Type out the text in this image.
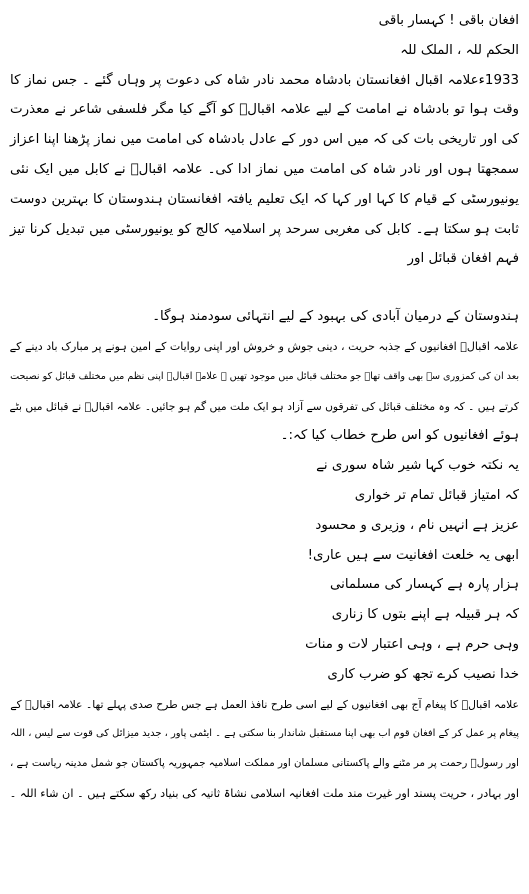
افغان باقی ! کہسار باقی
الحکم للہ ، الملک للہ
1933ءعلامہ اقبال افغانستان بادشاہ محمد نادر شاہ کی دعوت پر وہاں گئے ۔ جس نماز کا وقت ہوا تو بادشاہ نے امامت کے لیے علامہ اقبالؒ کو آگے کیا مگر فلسفی شاعر نے معذرت کی اور تاریخی بات کی کہ میں اس دور کے عادل بادشاہ کی امامت میں نماز پڑھنا اپنا اعزاز سمجھتا ہوں اور نادر شاہ کی امامت میں نماز ادا کی۔ علامہ اقبالؒ نے کابل میں ایک نئی یونیورسٹی کے قیام کا کہا اور کہا کہ ایک تعلیم یافتہ افغانستان ہندوستان کا بہترین دوست ثابت ہو سکتا ہے۔ کابل کی مغربی سرحد پر اسلامیہ کالج کو یونیورسٹی میں تبدیل کرنا تیز فہم افغان قبائل اور
ہندوستان کے درمیان آبادی کی بہبود کے لیے انتہائی سودمند ہوگا۔
علامہ اقبالؒ افغانیوں کے جذبہ حریت ، دینی جوش و خروش اور اپنی روایات کے امین ہونے پر مبارک باد دینے کے
بعد ان کی کمزوری سے بھی واقف تھا۔ جو مختلف قبائل میں موجود تھیں ۔ علامہ اقبالؒ اپنی نظم میں مختلف قبائل کو نصیحت
کرتے ہیں ۔ کہ وہ مختلف قبائل کی تفرقوں سے آزاد ہو ایک ملت میں گم ہو جائیں۔ علامہ اقبالؒ نے قبائل میں بٹے
ہوئے افغانیوں کو اس طرح خطاب کیا کہ:۔
یہ نکتہ خوب کہا شیر شاہ سوری نے
کہ امتیاز قبائل تمام تر خواری
عزیز ہے انہیں نام ، وزیری و محسود
ابھی یہ خلعت افغانیت سے ہیں عاری!
ہزار پارہ ہے کہسار کی مسلمانی
کہ ہر قبیلہ ہے اپنے بتوں کا زناری
وہی حرم ہے ، وہی اعتبار لات و منات
خدا نصیب کرے تجھ کو ضرب کاری
علامہ اقبالؒ کا پیغام آج بھی افغانیوں کے لیے اسی طرح نافذ العمل ہے جس طرح صدی پہلے تھا۔ علامہ اقبالؒ کے
پیغام پر عمل کر کے افغان قوم اب بھی اپنا مستقبل شاندار بنا سکتی ہے ۔ ایٹمی پاور ، جدید میزائل کی قوت سے لیس ، اللہ
اور رسولؐ رحمت پر مر مٹنے والے پاکستانی مسلمان اور مملکت اسلامیہ جمہوریہ پاکستان جو شمل مدینہ ریاست ہے ،
اور بہادر ، حریت پسند اور غیرت مند ملت افغانیہ اسلامی نشاۃ ثانیہ کی بنیاد رکھ سکتے ہیں ۔ ان شاء اللہ ۔
